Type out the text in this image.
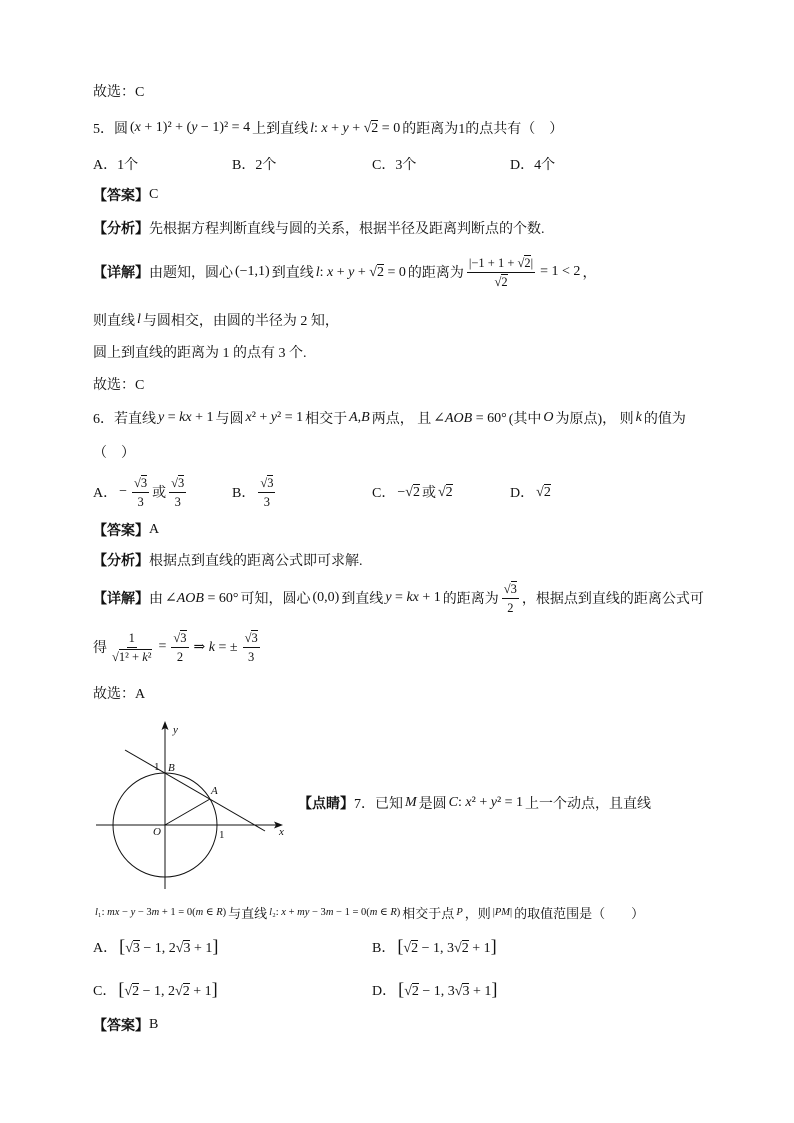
故选：C
5．圆 (x + 1)² + (y − 1)² = 4 上到直线 l: x + y + √2 = 0 的距离为1的点共有（　）
A． 1个	B． 2个	C． 3个	D． 4个
【答案】 C
【分析】 先根据方程判断直线与圆的关系，根据半径及距离判断点的个数.
【详解】 由题知，圆心 (−1,1) 到直线 l: x + y + √2 = 0 的距离为 $\frac{|-1 + 1 + √2|}{√2} = 1 < 2$ ，
则直线 l 与圆相交，由圆的半径为 2 知，
圆上到直线的距离为 1 的点有 3 个.
故选：C
6．若直线 y = kx + 1 与圆 x² + y² = 1 相交于 A,B 两点， 且 ∠AOB = 60° (其中 O 为原点)， 则 k 的值为
（　）
A． − $\frac{√3}{3}$ 或 $\frac{√3}{3}$	B． $\frac{√3}{3}$	C． −√2 或 √2	D． √2
【答案】 A
【分析】 根据点到直线的距离公式即可求解.
【详解】 由 ∠AOB = 60° 可知，圆心 (0,0) 到直线 y = kx + 1 的距离为 $\frac{√3}{2}$ ，根据点到直线的距离公式可
得 $\frac{1}{\text{√1² + k²}} = \frac{√3}{2}$ ⇒ k = ± $\frac{√3}{3}$
故选：A
y
x
O	1
1 B
A
【点睛】 7．已知 M 是圆 C: x² + y² = 1 上一个动点，且直线
l₁: mx − y − 3m + 1 = 0(m ∈ R) 与直线 l₂: x + my − 3m − 1 = 0(m ∈ R) 相交于点 P ，则 |PM| 的取值范围是（　　）
A． [√3 − 1, 2√3 + 1]	B． [√2 − 1, 3√2 + 1]
C． [√2 − 1, 2√2 + 1]	D． [√2 − 1, 3√3 + 1]
【答案】 B
